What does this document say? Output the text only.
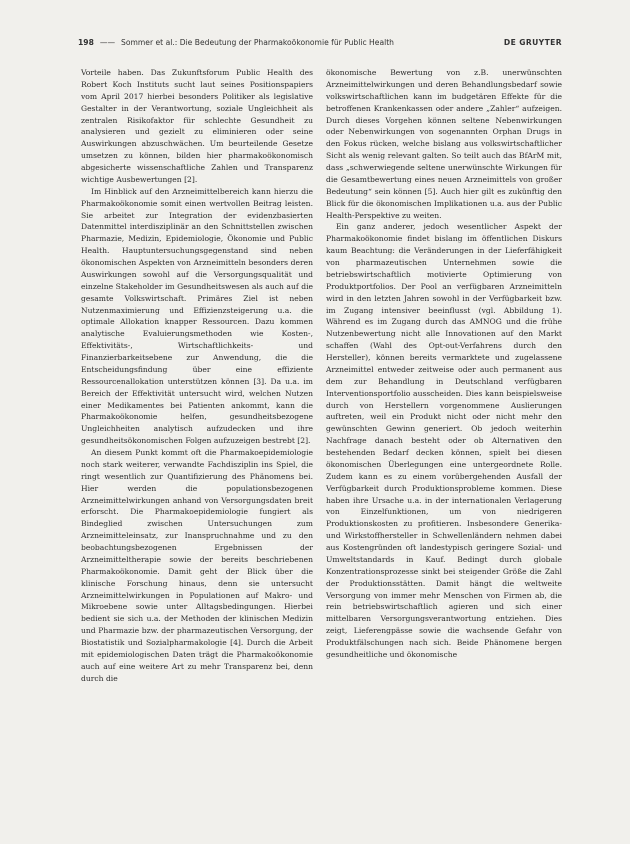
198 —— Sommer et al.: Die Bedeutung der Pharmakoökonomie für Public Health	DE GRUYTER

Vorteile haben. Das Zukunftsforum Public Health des Robert Koch Instituts sucht laut seines Positionspapiers vom April 2017 hierbei besonders Politiker als legislative Gestalter in der Verantwortung, soziale Ungleichheit als zentralen Risikofaktor für schlechte Gesundheit zu analysieren und gezielt zu eliminieren oder seine Auswirkungen abzuschwächen. Um beurteilende Gesetze umsetzen zu können, bilden hier pharmakoökonomisch abgesicherte wissenschaftliche Zahlen und Transparenz wichtige Ausbewertungen [2].

Im Hinblick auf den Arzneimittelbereich kann hierzu die Pharmakoökonomie somit einen wertvollen Beitrag leisten. Sie arbeitet zur Integration der evidenzbasierten Datenmittel interdisziplinär an den Schnittstellen zwischen Pharmazie, Medizin, Epidemiologie, Ökonomie und Public Health. Hauptuntersuchungsgegenstand sind neben ökonomischen Aspekten von Arzneimitteln besonders deren Auswirkungen sowohl auf die Versorgungsqualität und einzelne Stakeholder im Gesundheitswesen als auch auf die gesamte Volkswirtschaft. Primäres Ziel ist neben Nutzenmaximierung und Effizienzsteigerung u.a. die optimale Allokation knapper Ressourcen. Dazu kommen analytische Evaluierungsmethoden wie Kosten-, Effektivitäts-, Wirtschaftlichkeits- und Finanzierbarkeitsebene zur Anwendung, die die Entscheidungsfindung über eine effiziente Ressourcenallokation unterstützen können [3]. Da u.a. im Bereich der Effektivität untersucht wird, welchen Nutzen einer Medikamentes bei Patienten ankommt, kann die Pharmakoökonomie helfen, gesundheitsbezogene Ungleichheiten analytisch aufzudecken und ihre gesundheitsökonomischen Folgen aufzuzeigen bestrebt [2].

An diesem Punkt kommt oft die Pharmakoepidemiologie noch stark weiterer, verwandte Fachdisziplin ins Spiel, die ringt wesentlich zur Quantifizierung des Phänomens bei. Hier werden die populationsbezogenen Arzneimittelwirkungen anhand von Versorgungsdaten breit erforscht. Die Pharmakoepidemiologie fungiert als Bindeglied zwischen Untersuchungen zum Arzneimitteleinsatz, zur Inanspruchnahme und zu den beobachtungsbezogenen Ergebnissen der Arzneimitteltherapie sowie der bereits beschriebenen Pharmakoökonomie. Damit geht der Blick über die klinische Forschung hinaus, denn sie untersucht Arzneimittelwirkungen in Populationen auf Makro- und Mikroebene sowie unter Alltagsbedingungen. Hierbei bedient sie sich u.a. der Methoden der klinischen Medizin und Pharmazie bzw. der pharmazeutischen Versorgung, der Biostatistik und Sozialpharmakologie [4]. Durch die Arbeit mit epidemiologischen Daten trägt die Pharmakoökonomie auch auf eine weitere Art zu mehr Transparenz bei, denn durch die

ökonomische Bewertung von z.B. unerwünschten Arzneimittelwirkungen und deren Behandlungsbedarf sowie volkswirtschaftlichen kann im budgetären Effekte für die betroffenen Krankenkassen oder andere „Zahler“ aufzeigen. Durch dieses Vorgehen können seltene Nebenwirkungen oder Nebenwirkungen von sogenannten Orphan Drugs in den Fokus rücken, welche bislang aus volkswirtschaftlicher Sicht als wenig relevant galten. So teilt auch das BfArM mit, dass „schwerwiegende seltene unerwünschte Wirkungen für die Gesamtbewertung eines neuen Arzneimittels von großer Bedeutung“ sein können [5]. Auch hier gilt es zukünftig den Blick für die ökonomischen Implikationen u.a. aus der Public Health-Perspektive zu weiten.

Ein ganz anderer, jedoch wesentlicher Aspekt der Pharmakoökonomie findet bislang im öffentlichen Diskurs kaum Beachtung: die Veränderungen in der Lieferfähigkeit von pharmazeutischen Unternehmen sowie die betriebswirtschaftlich motivierte Optimierung von Produktportfolios. Der Pool an verfügbaren Arzneimitteln wird in den letzten Jahren sowohl in der Verfügbarkeit bzw. im Zugang intensiver beeinflusst (vgl. Abbildung 1). Während es im Zugang durch das AMNOG und die frühe Nutzenbewertung nicht alle Innovationen auf den Markt schaffen (Wahl des Opt-out-Verfahrens durch den Hersteller), können bereits vermarktete und zugelassene Arzneimittel entweder zeitweise oder auch permanent aus dem zur Behandlung in Deutschland verfügbaren Interventionsportfolio ausscheiden. Dies kann beispielsweise durch von Herstellern vorgenommene Auslierungen auftreten, weil ein Produkt nicht oder nicht mehr den gewünschten Gewinn generiert. Ob jedoch weiterhin Nachfrage danach besteht oder ob Alternativen den bestehenden Bedarf decken können, spielt bei diesen ökonomischen Überlegungen eine untergeordnete Rolle. Zudem kann es zu einem vorübergehenden Ausfall der Verfügbarkeit durch Produktionsprobleme kommen. Diese haben ihre Ursache u.a. in der internationalen Verlagerung von Einzelfunktionen, um von niedrigeren Produktionskosten zu profitieren. Insbesondere Generika- und Wirkstoffhersteller in Schwellenländern nehmen dabei aus Kostengründen oft landestypisch geringere Sozial- und Umweltstandards in Kauf. Bedingt durch globale Konzentrationsprozesse sinkt bei steigender Größe die Zahl der Produktionsstätten. Damit hängt die weltweite Versorgung von immer mehr Menschen von Firmen ab, die rein betriebswirtschaftlich agieren und sich einer mittelbaren Versorgungsverantwortung entziehen. Dies zeigt, Lieferengpässe sowie die wachsende Gefahr von Produktfälschungen nach sich. Beide Phänomene bergen gesundheitliche und ökonomische
